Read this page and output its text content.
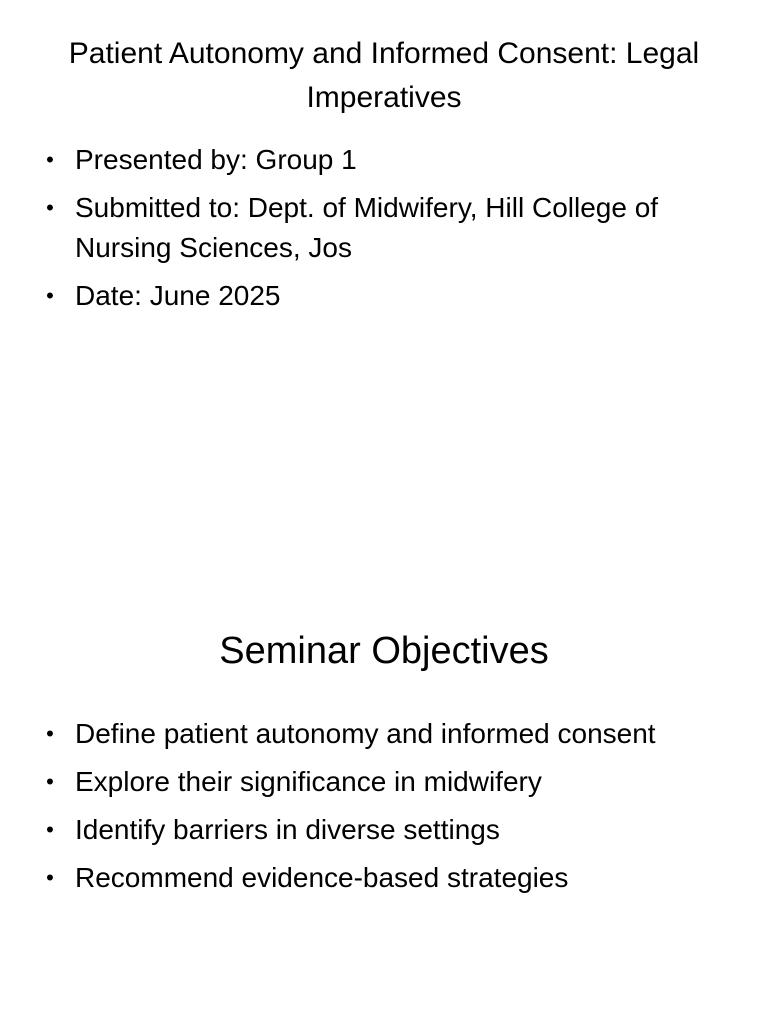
Patient Autonomy and Informed Consent: Legal Imperatives
• Presented by: Group 1
• Submitted to: Dept. of Midwifery, Hill College of Nursing Sciences, Jos
• Date: June 2025
Seminar Objectives
• Define patient autonomy and informed consent
• Explore their significance in midwifery
• Identify barriers in diverse settings
• Recommend evidence-based strategies
